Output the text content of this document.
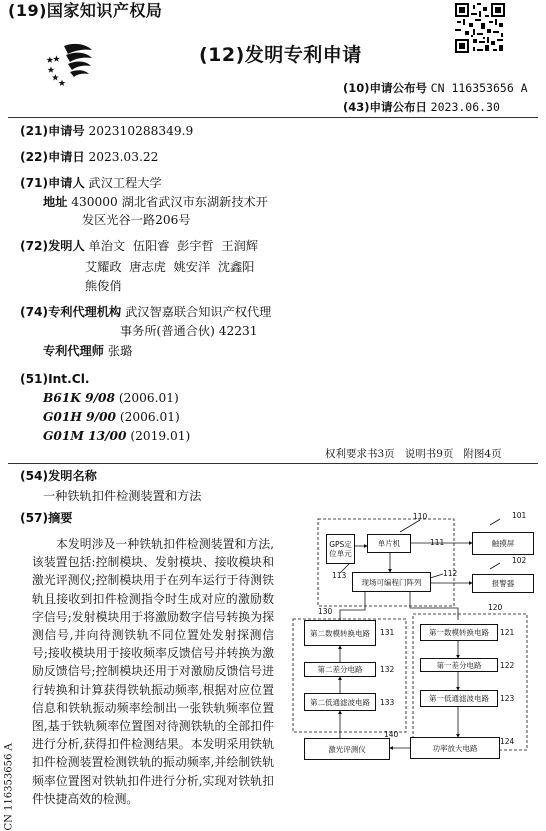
(19)国家知识产权局
(12)发明专利申请
(10)申请公布号 CN 116353656 A
(43)申请公布日 2023.06.30
(21)申请号 202310288349.9
(22)申请日 2023.03.22
(71)申请人 武汉工程大学
地址 430000 湖北省武汉市东湖新技术开
发区光谷一路206号
(72)发明人 单治文  伍阳睿  彭宇哲  王润辉
艾耀政  唐志虎  姚安洋  沈鑫阳
熊俊俏
(74)专利代理机构 武汉智嘉联合知识产权代理
事务所(普通合伙) 42231
专利代理师 张璐
(51)Int.Cl.
B61K 9/08 (2006.01)
G01H 9/00 (2006.01)
G01M 13/00 (2019.01)
权利要求书3页   说明书9页   附图4页
(54)发明名称
一种铁轨扣件检测装置和方法
(57)摘要

本发明涉及一种铁轨扣件检测装置和方法,该装置包括:控制模块、发射模块、接收模块和激光评测仪;控制模块用于在列车运行于待测铁轨且接收到扣件检测指令时生成对应的激励数字信号;发射模块用于将激励数字信号转换为探测信号,并向待测铁轨不同位置处发射探测信号;接收模块用于接收频率反馈信号并转换为激励反馈信号;控制模块还用于对激励反馈信号进行转换和计算获得铁轨振动频率,根据对应位置信息和铁轨振动频率绘制出一张铁轨频率位置图,基于铁轨频率位置图对待测铁轨的全部扣件进行分析,获得扣件检测结果。本发明采用铁轨扣件检测装置检测铁轨的振动频率,并绘制铁轨频率位置图对铁轨扣件进行分析,实现对铁轨扣件快捷高效的检测。

CN 116353656 A
GPS定位单元
单片机
现场可编程门阵列
触摸屏
报警器
第二数模转换电路
第二差分电路
第二低通滤波电路
激光评测仪
第一数模转换电路
第一差分电路
第一低通滤波电路
功率放大电路
110
111
112
113
101
102
120
121
122
123
124
130
131
132
133
140
